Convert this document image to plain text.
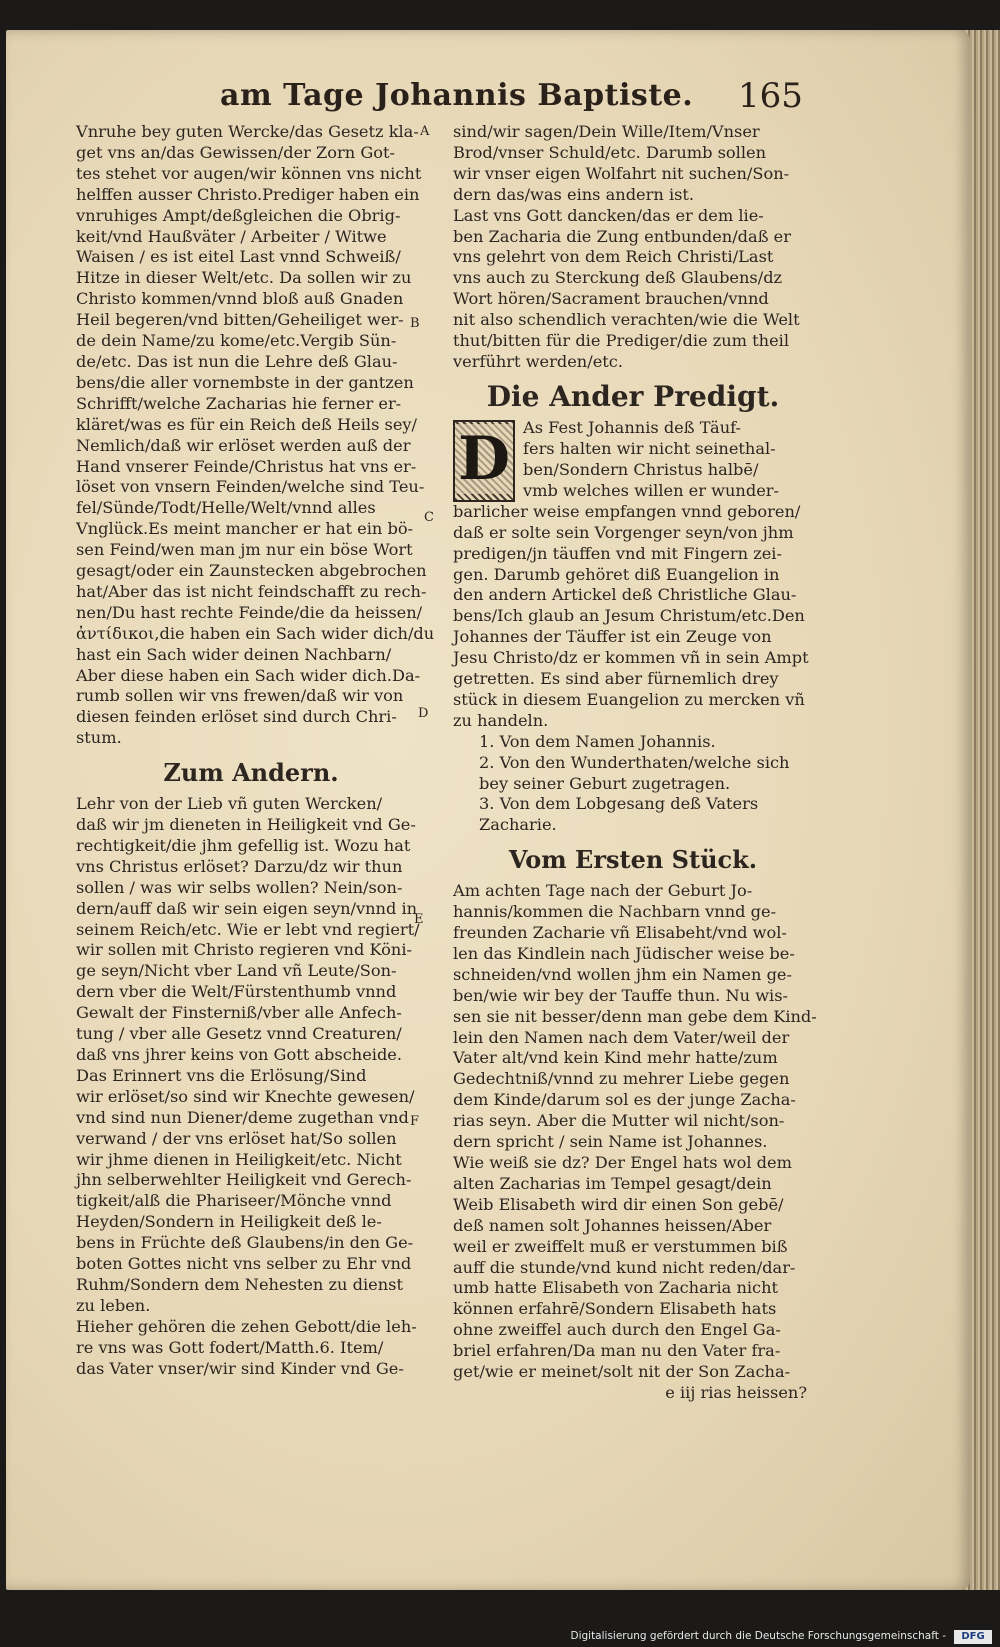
am Tage Johannis Baptiste. 165
A
B
C
D
E
F

Vnruhe bey guten Wercke/das Gesetz kla-

get vns an/das Gewissen/der Zorn Got-

tes stehet vor augen/wir können vns nicht

helffen ausser Christo.Prediger haben ein

vnruhiges Ampt/deßgleichen die Obrig-

keit/vnd Haußväter / Arbeiter / Witwe

Waisen / es ist eitel Last vnnd Schweiß/

Hitze in dieser Welt/etc. Da sollen wir zu

Christo kommen/vnnd bloß auß Gnaden

Heil begeren/vnd bitten/Geheiliget wer-

de dein Name/zu kome/etc.Vergib Sün-

de/etc. Das ist nun die Lehre deß Glau-

bens/die aller vornembste in der gantzen

Schrifft/welche Zacharias hie ferner er-

kläret/was es für ein Reich deß Heils sey/

Nemlich/daß wir erlöset werden auß der

Hand vnserer Feinde/Christus hat vns er-

löset von vnsern Feinden/welche sind Teu-

fel/Sünde/Todt/Helle/Welt/vnnd alles

Vnglück.Es meint mancher er hat ein bö-

sen Feind/wen man jm nur ein böse Wort

gesagt/oder ein Zaunstecken abgebrochen

hat/Aber das ist nicht feindschafft zu rech-

nen/Du hast rechte Feinde/die da heissen/

ἀντίδικοι,die haben ein Sach wider dich/du

hast ein Sach wider deinen Nachbarn/

Aber diese haben ein Sach wider dich.Da-

rumb sollen wir vns frewen/daß wir von

diesen feinden erlöset sind durch Chri-

stum.

Zum Andern.

Lehr von der Lieb vñ guten Wercken/

daß wir jm dieneten in Heiligkeit vnd Ge-

rechtigkeit/die jhm gefellig ist. Wozu hat

vns Christus erlöset? Darzu/dz wir thun

sollen / was wir selbs wollen? Nein/son-

dern/auff daß wir sein eigen seyn/vnnd in

seinem Reich/etc. Wie er lebt vnd regiert/

wir sollen mit Christo regieren vnd Köni-

ge seyn/Nicht vber Land vñ Leute/Son-

dern vber die Welt/Fürstenthumb vnnd

Gewalt der Finsterniß/vber alle Anfech-

tung / vber alle Gesetz vnnd Creaturen/

daß vns jhrer keins von Gott abscheide.

Das Erinnert vns die Erlösung/Sind

wir erlöset/so sind wir Knechte gewesen/

vnd sind nun Diener/deme zugethan vnd

verwand / der vns erlöset hat/So sollen

wir jhme dienen in Heiligkeit/etc. Nicht

jhn selberwehlter Heiligkeit vnd Gerech-

tigkeit/alß die Phariseer/Mönche vnnd

Heyden/Sondern in Heiligkeit deß le-

bens in Früchte deß Glaubens/in den Ge-

boten Gottes nicht vns selber zu Ehr vnd

Ruhm/Sondern dem Nehesten zu dienst

zu leben.

Hieher gehören die zehen Gebott/die leh-

re vns was Gott fodert/Matth.6. Item/

das Vater vnser/wir sind Kinder vnd Ge-

sind/wir sagen/Dein Wille/Item/Vnser

Brod/vnser Schuld/etc. Darumb sollen

wir vnser eigen Wolfahrt nit suchen/Son-

dern das/was eins andern ist.

Last vns Gott dancken/das er dem lie-

ben Zacharia die Zung entbunden/daß er

vns gelehrt von dem Reich Christi/Last

vns auch zu Sterckung deß Glaubens/dz

Wort hören/Sacrament brauchen/vnnd

nit also schendlich verachten/wie die Welt

thut/bitten für die Prediger/die zum theil

verführt werden/etc.

Die Ander Predigt.
D As Fest Johannis deß Täuf-

fers halten wir nicht seinethal-

ben/Sondern Christus halbē/

vmb welches willen er wunder-

barlicher weise empfangen vnnd geboren/

daß er solte sein Vorgenger seyn/von jhm

predigen/jn täuffen vnd mit Fingern zei-

gen. Darumb gehöret diß Euangelion in

den andern Artickel deß Christliche Glau-

bens/Ich glaub an Jesum Christum/etc.Den

Johannes der Täuffer ist ein Zeuge von

Jesu Christo/dz er kommen vñ in sein Ampt

getretten. Es sind aber fürnemlich drey

stück in diesem Euangelion zu mercken vñ

zu handeln.

1. Von dem Namen Johannis.

2. Von den Wunderthaten/welche sich

bey seiner Geburt zugetragen.

3. Von dem Lobgesang deß Vaters

Zacharie.

Vom Ersten Stück.

Am achten Tage nach der Geburt Jo-

hannis/kommen die Nachbarn vnnd ge-

freunden Zacharie vñ Elisabeht/vnd wol-

len das Kindlein nach Jüdischer weise be-

schneiden/vnd wollen jhm ein Namen ge-

ben/wie wir bey der Tauffe thun. Nu wis-

sen sie nit besser/denn man gebe dem Kind-

lein den Namen nach dem Vater/weil der

Vater alt/vnd kein Kind mehr hatte/zum

Gedechtniß/vnnd zu mehrer Liebe gegen

dem Kinde/darum sol es der junge Zacha-

rias seyn. Aber die Mutter wil nicht/son-

dern spricht / sein Name ist Johannes.

Wie weiß sie dz? Der Engel hats wol dem

alten Zacharias im Tempel gesagt/dein

Weib Elisabeth wird dir einen Son gebē/

deß namen solt Johannes heissen/Aber

weil er zweiffelt muß er verstummen biß

auff die stunde/vnd kund nicht reden/dar-

umb hatte Elisabeth von Zacharia nicht

können erfahrē/Sondern Elisabeth hats

ohne zweiffel auch durch den Engel Ga-

briel erfahren/Da man nu den Vater fra-

get/wie er meinet/solt nit der Son Zacha-

e iij rias heissen?
Digitalisierung gefördert durch die Deutsche Forschungsgemeinschaft -	DFG
